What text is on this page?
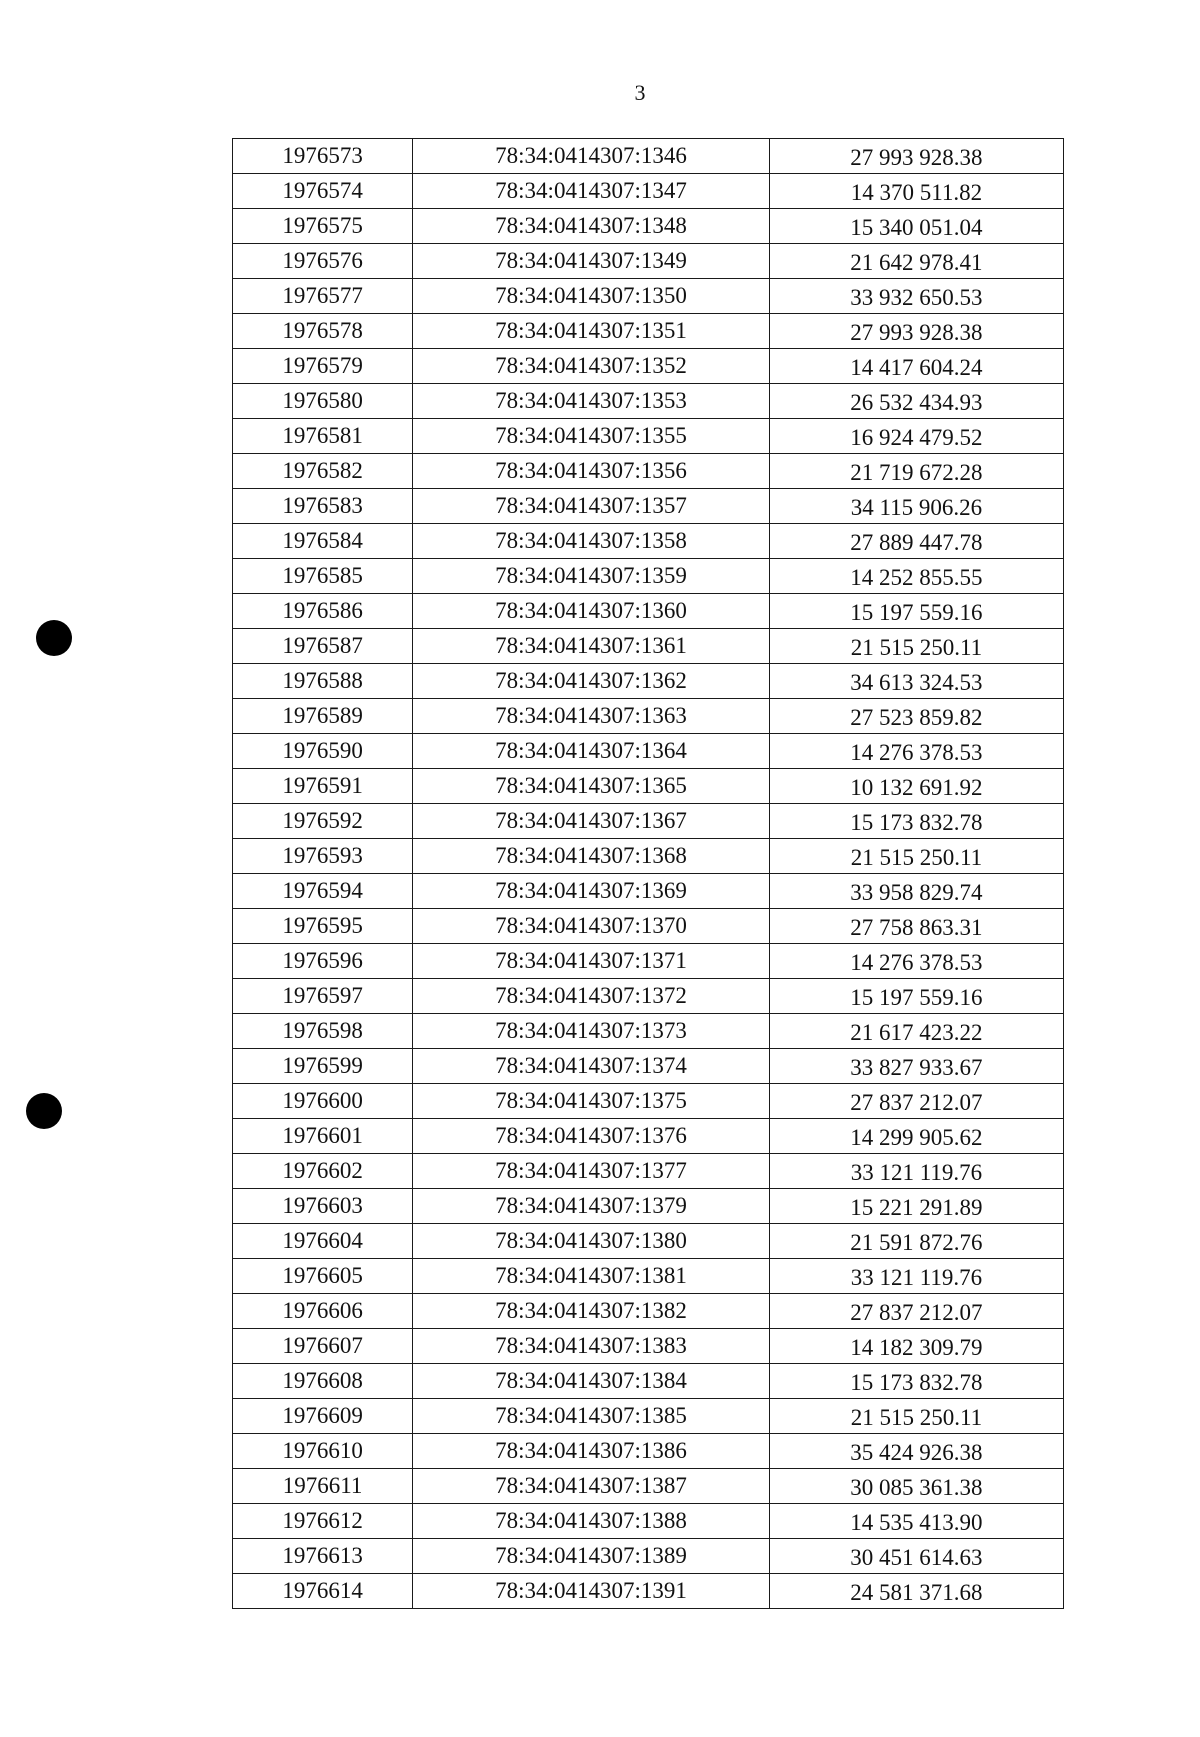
3
1976573	78:34:0414307:1346	27 993 928.38
1976574	78:34:0414307:1347	14 370 511.82
1976575	78:34:0414307:1348	15 340 051.04
1976576	78:34:0414307:1349	21 642 978.41
1976577	78:34:0414307:1350	33 932 650.53
1976578	78:34:0414307:1351	27 993 928.38
1976579	78:34:0414307:1352	14 417 604.24
1976580	78:34:0414307:1353	26 532 434.93
1976581	78:34:0414307:1355	16 924 479.52
1976582	78:34:0414307:1356	21 719 672.28
1976583	78:34:0414307:1357	34 115 906.26
1976584	78:34:0414307:1358	27 889 447.78
1976585	78:34:0414307:1359	14 252 855.55
1976586	78:34:0414307:1360	15 197 559.16
1976587	78:34:0414307:1361	21 515 250.11
1976588	78:34:0414307:1362	34 613 324.53
1976589	78:34:0414307:1363	27 523 859.82
1976590	78:34:0414307:1364	14 276 378.53
1976591	78:34:0414307:1365	10 132 691.92
1976592	78:34:0414307:1367	15 173 832.78
1976593	78:34:0414307:1368	21 515 250.11
1976594	78:34:0414307:1369	33 958 829.74
1976595	78:34:0414307:1370	27 758 863.31
1976596	78:34:0414307:1371	14 276 378.53
1976597	78:34:0414307:1372	15 197 559.16
1976598	78:34:0414307:1373	21 617 423.22
1976599	78:34:0414307:1374	33 827 933.67
1976600	78:34:0414307:1375	27 837 212.07
1976601	78:34:0414307:1376	14 299 905.62
1976602	78:34:0414307:1377	33 121 119.76
1976603	78:34:0414307:1379	15 221 291.89
1976604	78:34:0414307:1380	21 591 872.76
1976605	78:34:0414307:1381	33 121 119.76
1976606	78:34:0414307:1382	27 837 212.07
1976607	78:34:0414307:1383	14 182 309.79
1976608	78:34:0414307:1384	15 173 832.78
1976609	78:34:0414307:1385	21 515 250.11
1976610	78:34:0414307:1386	35 424 926.38
1976611	78:34:0414307:1387	30 085 361.38
1976612	78:34:0414307:1388	14 535 413.90
1976613	78:34:0414307:1389	30 451 614.63
1976614	78:34:0414307:1391	24 581 371.68
